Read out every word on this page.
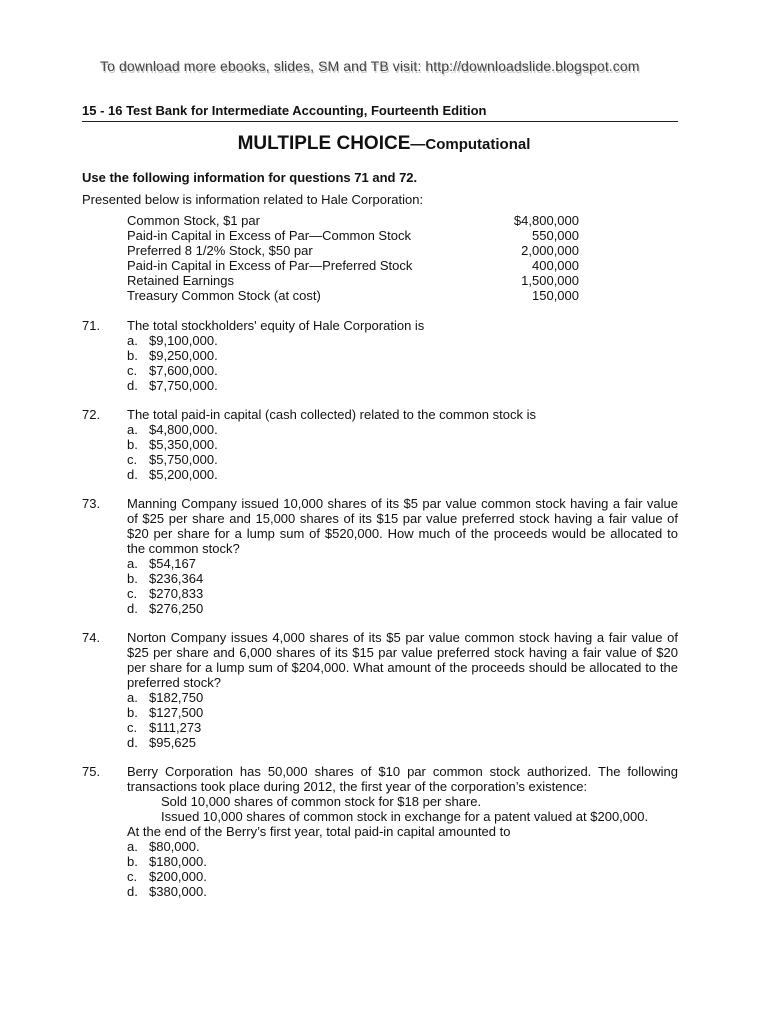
To download more ebooks, slides, SM and TB visit: http://downloadslide.blogspot.com
15 - 16 Test Bank for Intermediate Accounting, Fourteenth Edition
MULTIPLE CHOICE—Computational
Use the following information for questions 71 and 72.
Presented below is information related to Hale Corporation:
Common Stock, $1 par	$4,800,000
Paid-in Capital in Excess of Par—Common Stock	550,000
Preferred 8 1/2% Stock, $50 par	2,000,000
Paid-in Capital in Excess of Par—Preferred Stock	400,000
Retained Earnings	1,500,000
Treasury Common Stock (at cost)	150,000
71.	The total stockholders' equity of Hale Corporation is
a. $9,100,000.
b. $9,250,000.
c. $7,600,000.
d. $7,750,000.
72.	The total paid-in capital (cash collected) related to the common stock is
a. $4,800,000.
b. $5,350,000.
c. $5,750,000.
d. $5,200,000.
73.	Manning Company issued 10,000 shares of its $5 par value common stock having a fair value of $25 per share and 15,000 shares of its $15 par value preferred stock having a fair value of $20 per share for a lump sum of $520,000. How much of the proceeds would be allocated to the common stock?
a. $54,167
b. $236,364
c. $270,833
d. $276,250
74.	Norton Company issues 4,000 shares of its $5 par value common stock having a fair value of $25 per share and 6,000 shares of its $15 par value preferred stock having a fair value of $20 per share for a lump sum of $204,000. What amount of the proceeds should be allocated to the preferred stock?
a. $182,750
b. $127,500
c. $111,273
d. $95,625
75.	Berry Corporation has 50,000 shares of $10 par common stock authorized. The following transactions took place during 2012, the first year of the corporation’s existence:
Sold 10,000 shares of common stock for $18 per share.
Issued 10,000 shares of common stock in exchange for a patent valued at $200,000.
At the end of the Berry’s first year, total paid-in capital amounted to
a. $80,000.
b. $180,000.
c. $200,000.
d. $380,000.
